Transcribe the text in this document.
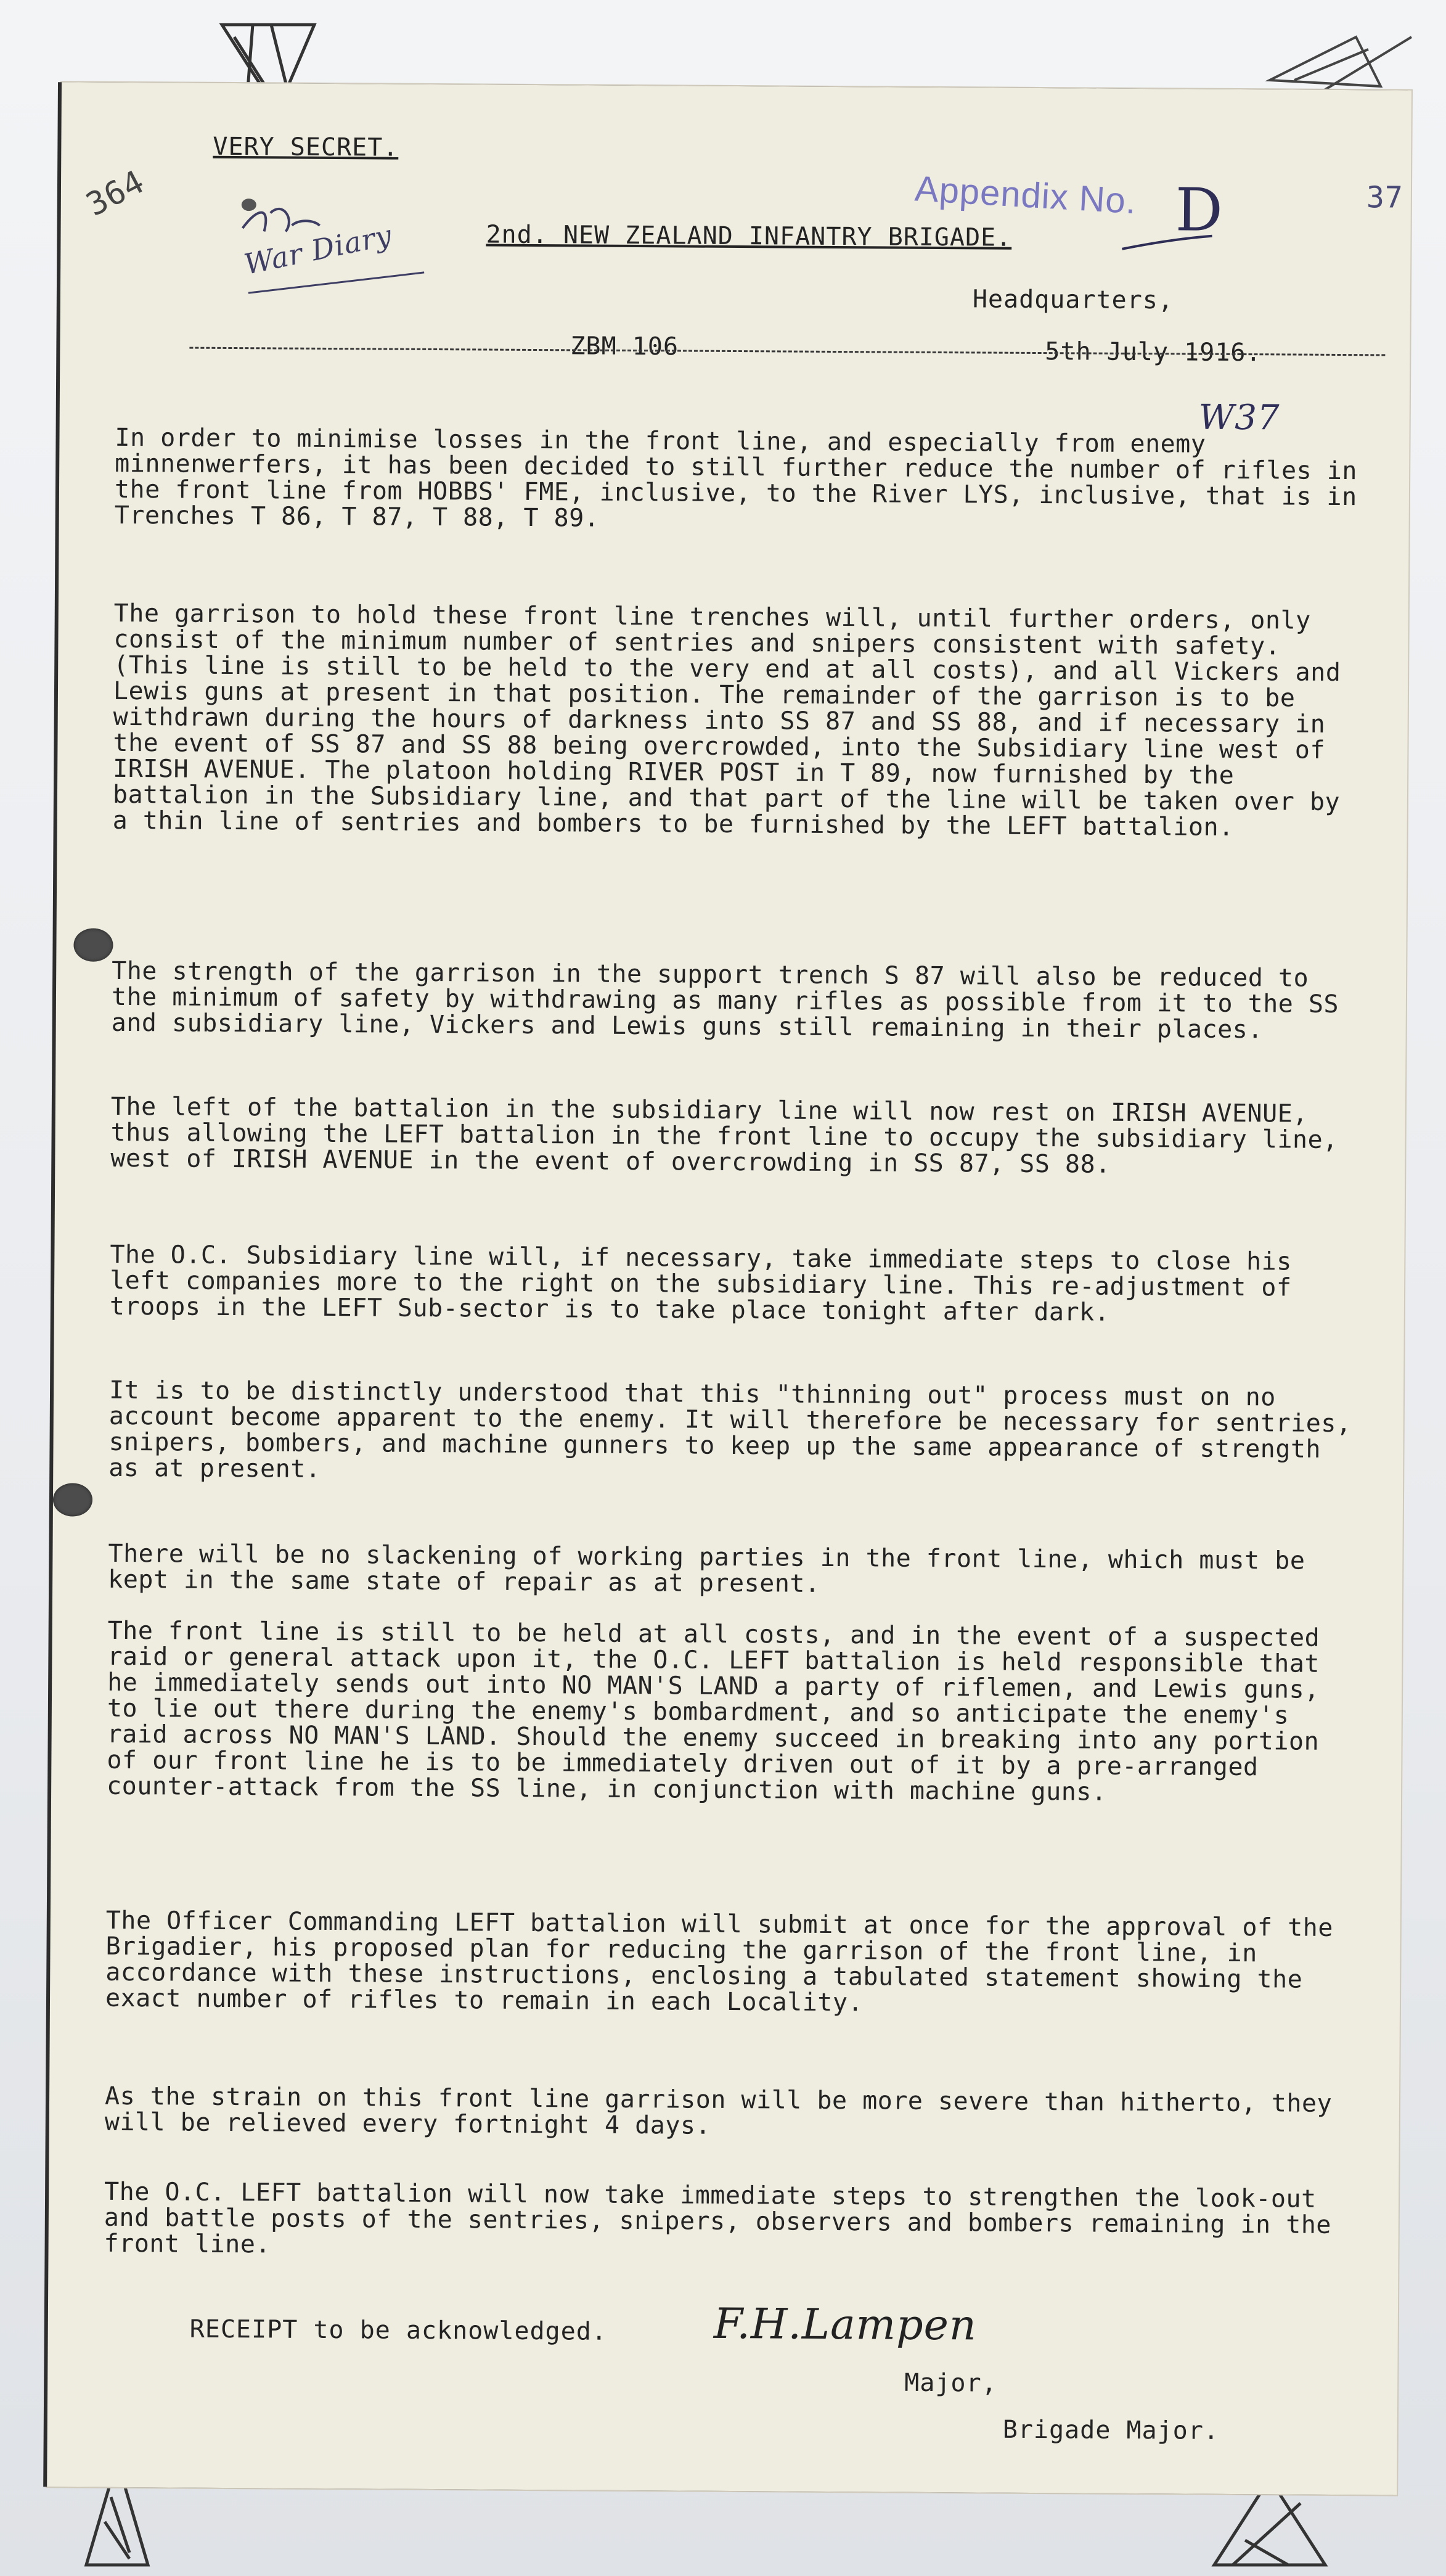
VERY SECRET.
364	37
War Diary	2nd. NEW ZEALAND INFANTRY BRIGADE.
Appendix No. D
Headquarters,
ZBM 106	5th July 1916.
W37
In order to minimise losses in the front line, and especially from enemy minnenwerfers, it has been decided to still further reduce the number of rifles in the front line from HOBBS' FME, inclusive, to the River LYS, inclusive, that is in Trenches T 86, T 87, T 88, T 89.
The garrison to hold these front line trenches will, until further orders, only consist of the minimum number of sentries and snipers consistent with safety. (This line is still to be held to the very end at all costs), and all Vickers and Lewis guns at present in that position. The remainder of the garrison is to be withdrawn during the hours of darkness into SS 87 and SS 88, and if necessary in the event of SS 87 and SS 88 being overcrowded, into the Subsidiary line west of IRISH AVENUE. The platoon holding RIVER POST in T 89, now furnished by the battalion in the Subsidiary line, and that part of the line will be taken over by a thin line of sentries and bombers to be furnished by the LEFT battalion.
The strength of the garrison in the support trench S 87 will also be reduced to the minimum of safety by withdrawing as many rifles as possible from it to the SS and subsidiary line, Vickers and Lewis guns still remaining in their places.
The left of the battalion in the subsidiary line will now rest on IRISH AVENUE, thus allowing the LEFT battalion in the front line to occupy the subsidiary line, west of IRISH AVENUE in the event of overcrowding in SS 87, SS 88.
The O.C. Subsidiary line will, if necessary, take immediate steps to close his left companies more to the right on the subsidiary line. This re-adjustment of troops in the LEFT Sub-sector is to take place tonight after dark.
It is to be distinctly understood that this "thinning out" process must on no account become apparent to the enemy. It will therefore be necessary for sentries, snipers, bombers, and machine gunners to keep up the same appearance of strength as at present.
There will be no slackening of working parties in the front line, which must be kept in the same state of repair as at present.
The front line is still to be held at all costs, and in the event of a suspected raid or general attack upon it, the O.C. LEFT battalion is held responsible that he immediately sends out into NO MAN'S LAND a party of riflemen, and Lewis guns, to lie out there during the enemy's bombardment, and so anticipate the enemy's raid across NO MAN'S LAND. Should the enemy succeed in breaking into any portion of our front line he is to be immediately driven out of it by a pre-arranged counter-attack from the SS line, in conjunction with machine guns.
The Officer Commanding LEFT battalion will submit at once for the approval of the Brigadier, his proposed plan for reducing the garrison of the front line, in accordance with these instructions, enclosing a tabulated statement showing the exact number of rifles to remain in each Locality.
As the strain on this front line garrison will be more severe than hitherto, they will be relieved every fortnight 4 days.
The O.C. LEFT battalion will now take immediate steps to strengthen the look-out and battle posts of the sentries, snipers, observers and bombers remaining in the front line.
RECEIPT to be acknowledged.	F.H.Lampen
Major,
Brigade Major.
